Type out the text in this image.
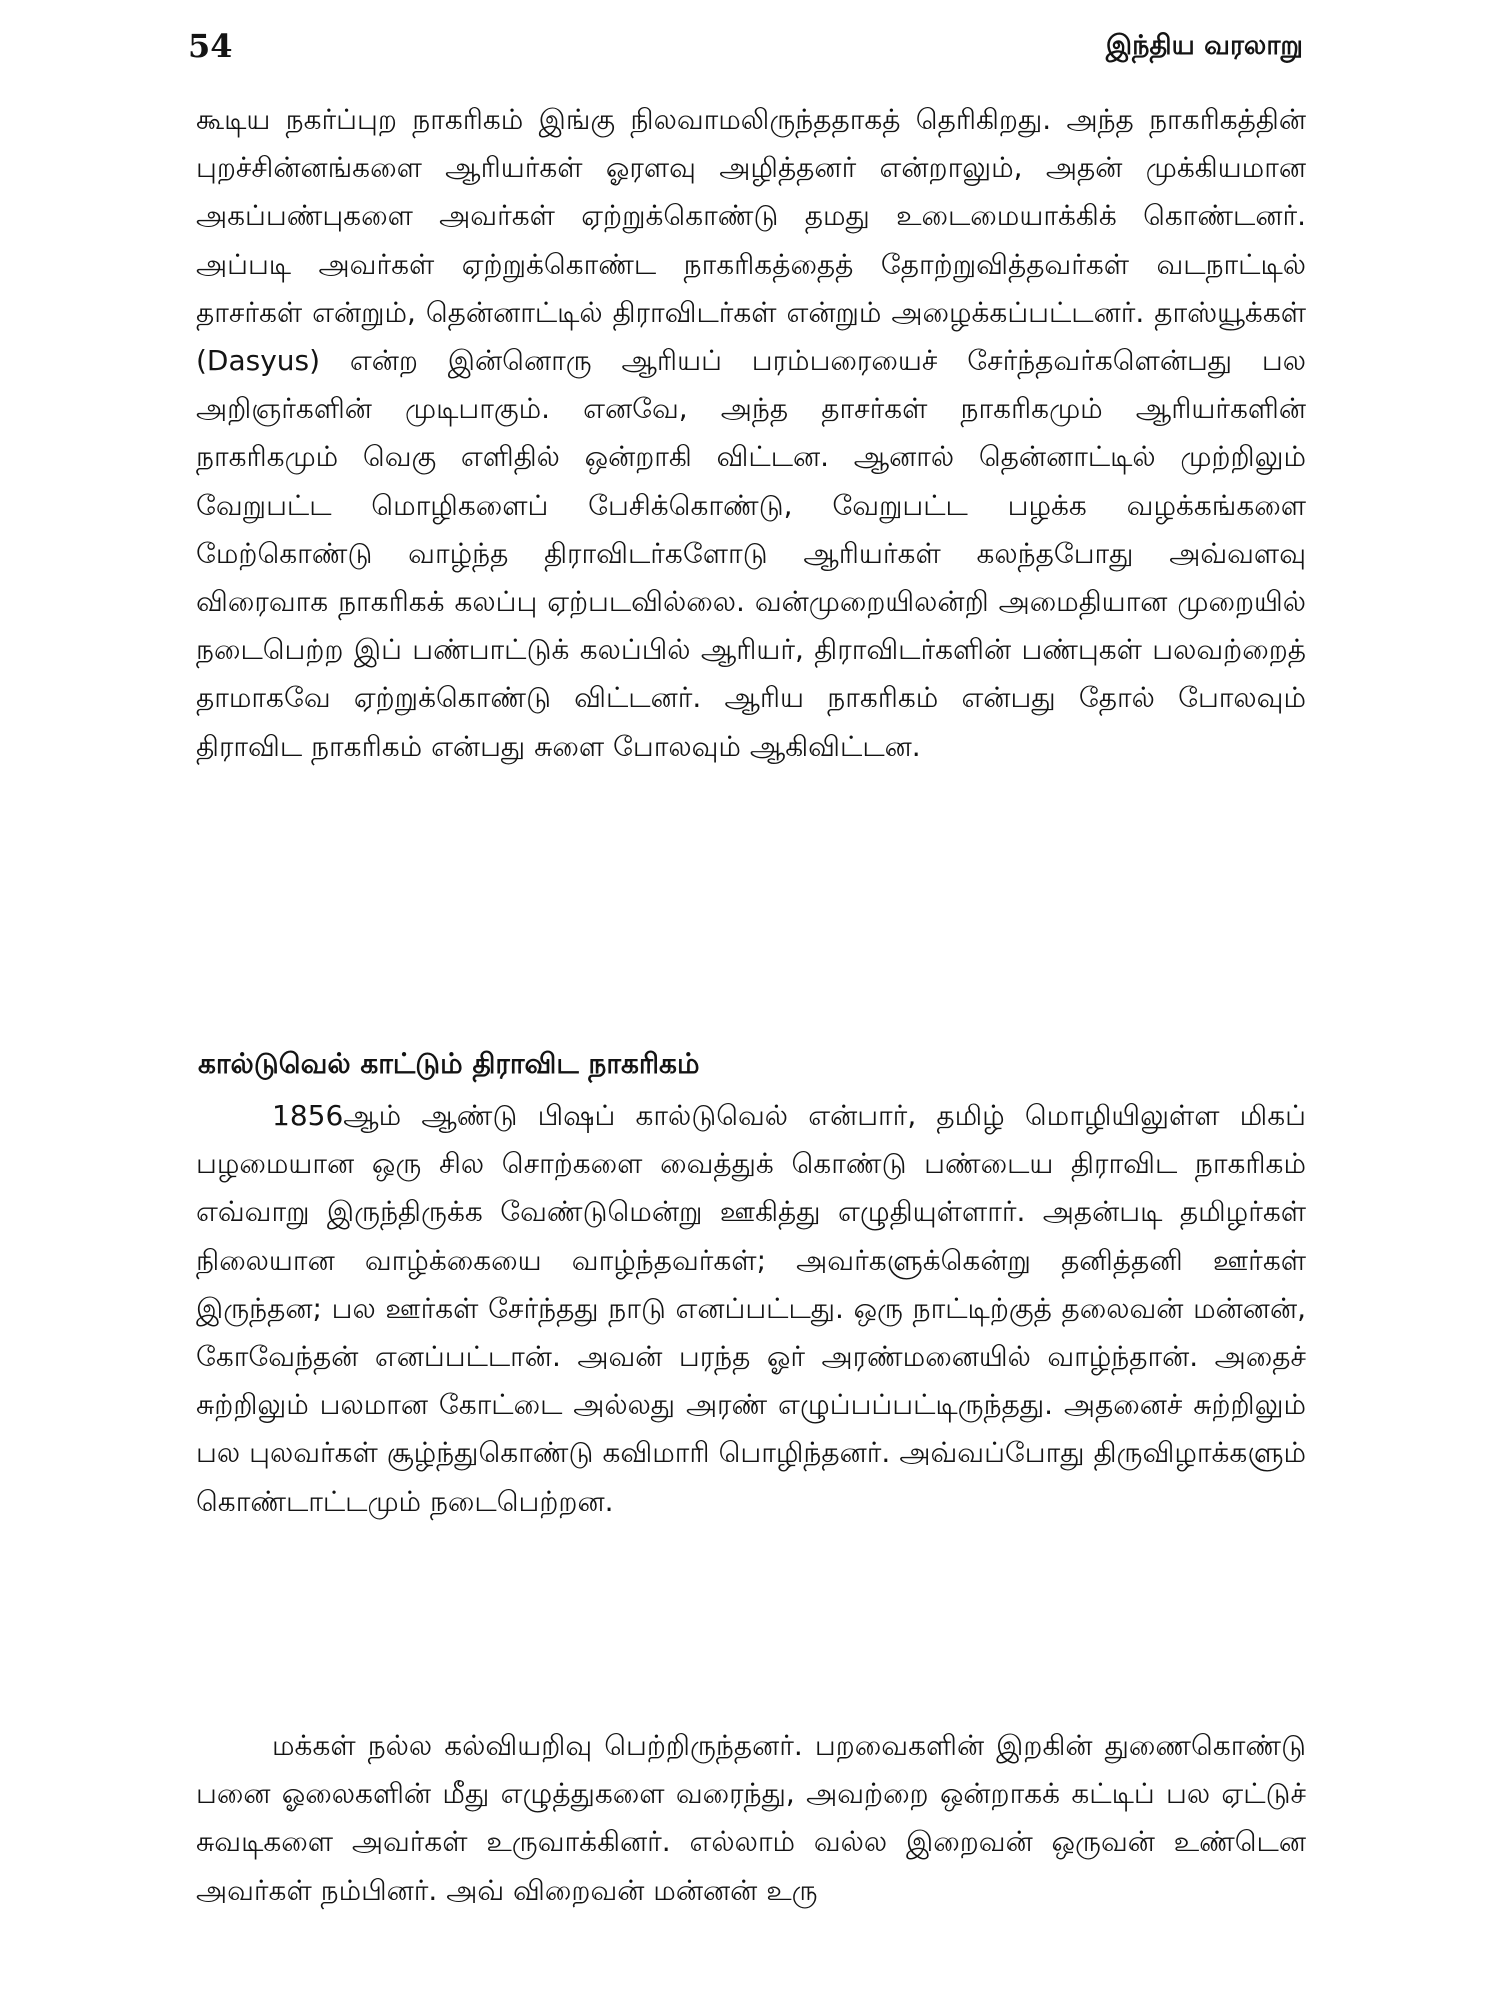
54	இந்திய வரலாறு

கூடிய நகர்ப்புற நாகரிகம் இங்கு நிலவாமலிருந்ததாகத் தெரிகிறது. அந்த நாகரிகத்தின் புறச்சின்னங்களை ஆரியர்கள் ஓரளவு அழித்தனர் என்றாலும், அதன் முக்கியமான அகப்பண்புகளை அவர்கள் ஏற்றுக்கொண்டு தமது உடைமையாக்கிக் கொண்டனர். அப்படி அவர்கள் ஏற்றுக்கொண்ட நாகரிகத்தைத் தோற்றுவித்தவர்கள் வடநாட்டில் தாசர்கள் என்றும், தென்னாட்டில் திராவிடர்கள் என்றும் அழைக்கப்பட்டனர். தாஸ்யூக்கள் (Dasyus) என்ற இன்னொரு ஆரியப் பரம்பரையைச் சேர்ந்தவர்களென்பது பல அறிஞர்களின் முடிபாகும். எனவே, அந்த தாசர்கள் நாகரிகமும் ஆரியர்களின் நாகரிகமும் வெகு எளிதில் ஒன்றாகி விட்டன. ஆனால் தென்னாட்டில் முற்றிலும் வேறுபட்ட மொழிகளைப் பேசிக்கொண்டு, வேறுபட்ட பழக்க வழக்கங்களை மேற்கொண்டு வாழ்ந்த திராவிடர்களோடு ஆரியர்கள் கலந்தபோது அவ்வளவு விரைவாக நாகரிகக் கலப்பு ஏற்படவில்லை. வன்முறையிலன்றி அமைதியான முறையில் நடைபெற்ற இப் பண்பாட்டுக் கலப்பில் ஆரியர், திராவிடர்களின் பண்புகள் பலவற்றைத் தாமாகவே ஏற்றுக்கொண்டு விட்டனர். ஆரிய நாகரிகம் என்பது தோல் போலவும் திராவிட நாகரிகம் என்பது சுளை போலவும் ஆகிவிட்டன.

கால்டுவெல் காட்டும் திராவிட நாகரிகம்

1856ஆம் ஆண்டு பிஷப் கால்டுவெல் என்பார், தமிழ் மொழியிலுள்ள மிகப் பழமையான ஒரு சில சொற்களை வைத்துக் கொண்டு பண்டைய திராவிட நாகரிகம் எவ்வாறு இருந்திருக்க வேண்டுமென்று ஊகித்து எழுதியுள்ளார். அதன்படி தமிழர்கள் நிலையான வாழ்க்கையை வாழ்ந்தவர்கள்; அவர்களுக்கென்று தனித்தனி ஊர்கள் இருந்தன; பல ஊர்கள் சேர்ந்தது நாடு எனப்பட்டது. ஒரு நாட்டிற்குத் தலைவன் மன்னன், கோவேந்தன் எனப்பட்டான். அவன் பரந்த ஓர் அரண்மனையில் வாழ்ந்தான். அதைச் சுற்றிலும் பலமான கோட்டை அல்லது அரண் எழுப்பப்பட்டிருந்தது. அதனைச் சுற்றிலும் பல புலவர்கள் சூழ்ந்துகொண்டு கவிமாரி பொழிந்தனர். அவ்வப்போது திருவிழாக்களும் கொண்டாட்டமும் நடைபெற்றன.

மக்கள் நல்ல கல்வியறிவு பெற்றிருந்தனர். பறவைகளின் இறகின் துணைகொண்டு பனை ஓலைகளின் மீது எழுத்துகளை வரைந்து, அவற்றை ஒன்றாகக் கட்டிப் பல ஏட்டுச் சுவடிகளை அவர்கள் உருவாக்கினர். எல்லாம் வல்ல இறைவன் ஒருவன் உண்டென அவர்கள் நம்பினர். அவ் விறைவன் மன்னன் உரு
